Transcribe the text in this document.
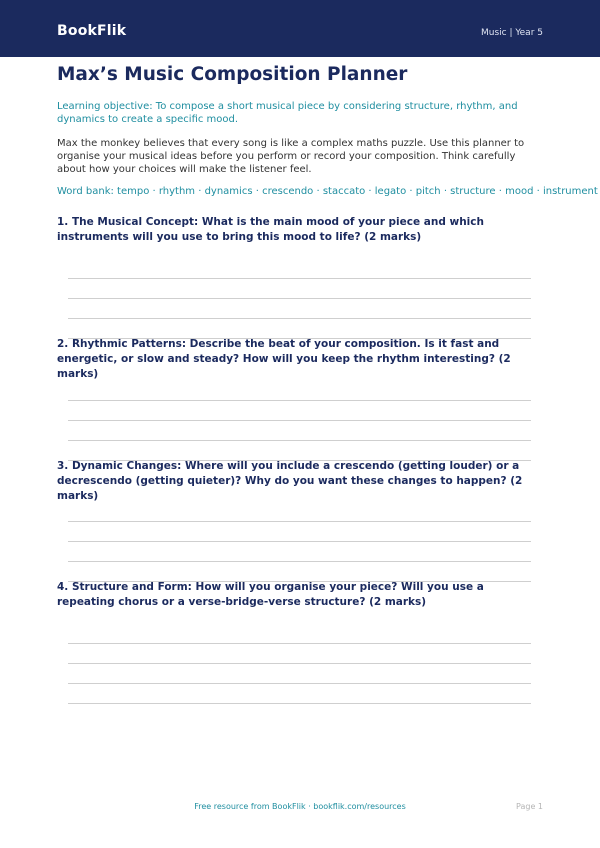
BookFlik	Music | Year 5
Max’s Music Composition Planner
Learning objective: To compose a short musical piece by considering structure, rhythm, and dynamics to create a specific mood.
Max the monkey believes that every song is like a complex maths puzzle. Use this planner to organise your musical ideas before you perform or record your composition. Think carefully about how your choices will make the listener feel.
Word bank: tempo · rhythm · dynamics · crescendo · staccato · legato · pitch · structure · mood · instrument
1. The Musical Concept: What is the main mood of your piece and which instruments will you use to bring this mood to life? (2 marks)
2. Rhythmic Patterns: Describe the beat of your composition. Is it fast and energetic, or slow and steady? How will you keep the rhythm interesting? (2 marks)
3. Dynamic Changes: Where will you include a crescendo (getting louder) or a decrescendo (getting quieter)? Why do you want these changes to happen? (2 marks)
4. Structure and Form: How will you organise your piece? Will you use a repeating chorus or a verse-bridge-verse structure? (2 marks)
Free resource from BookFlik · bookflik.com/resources	Page 1
